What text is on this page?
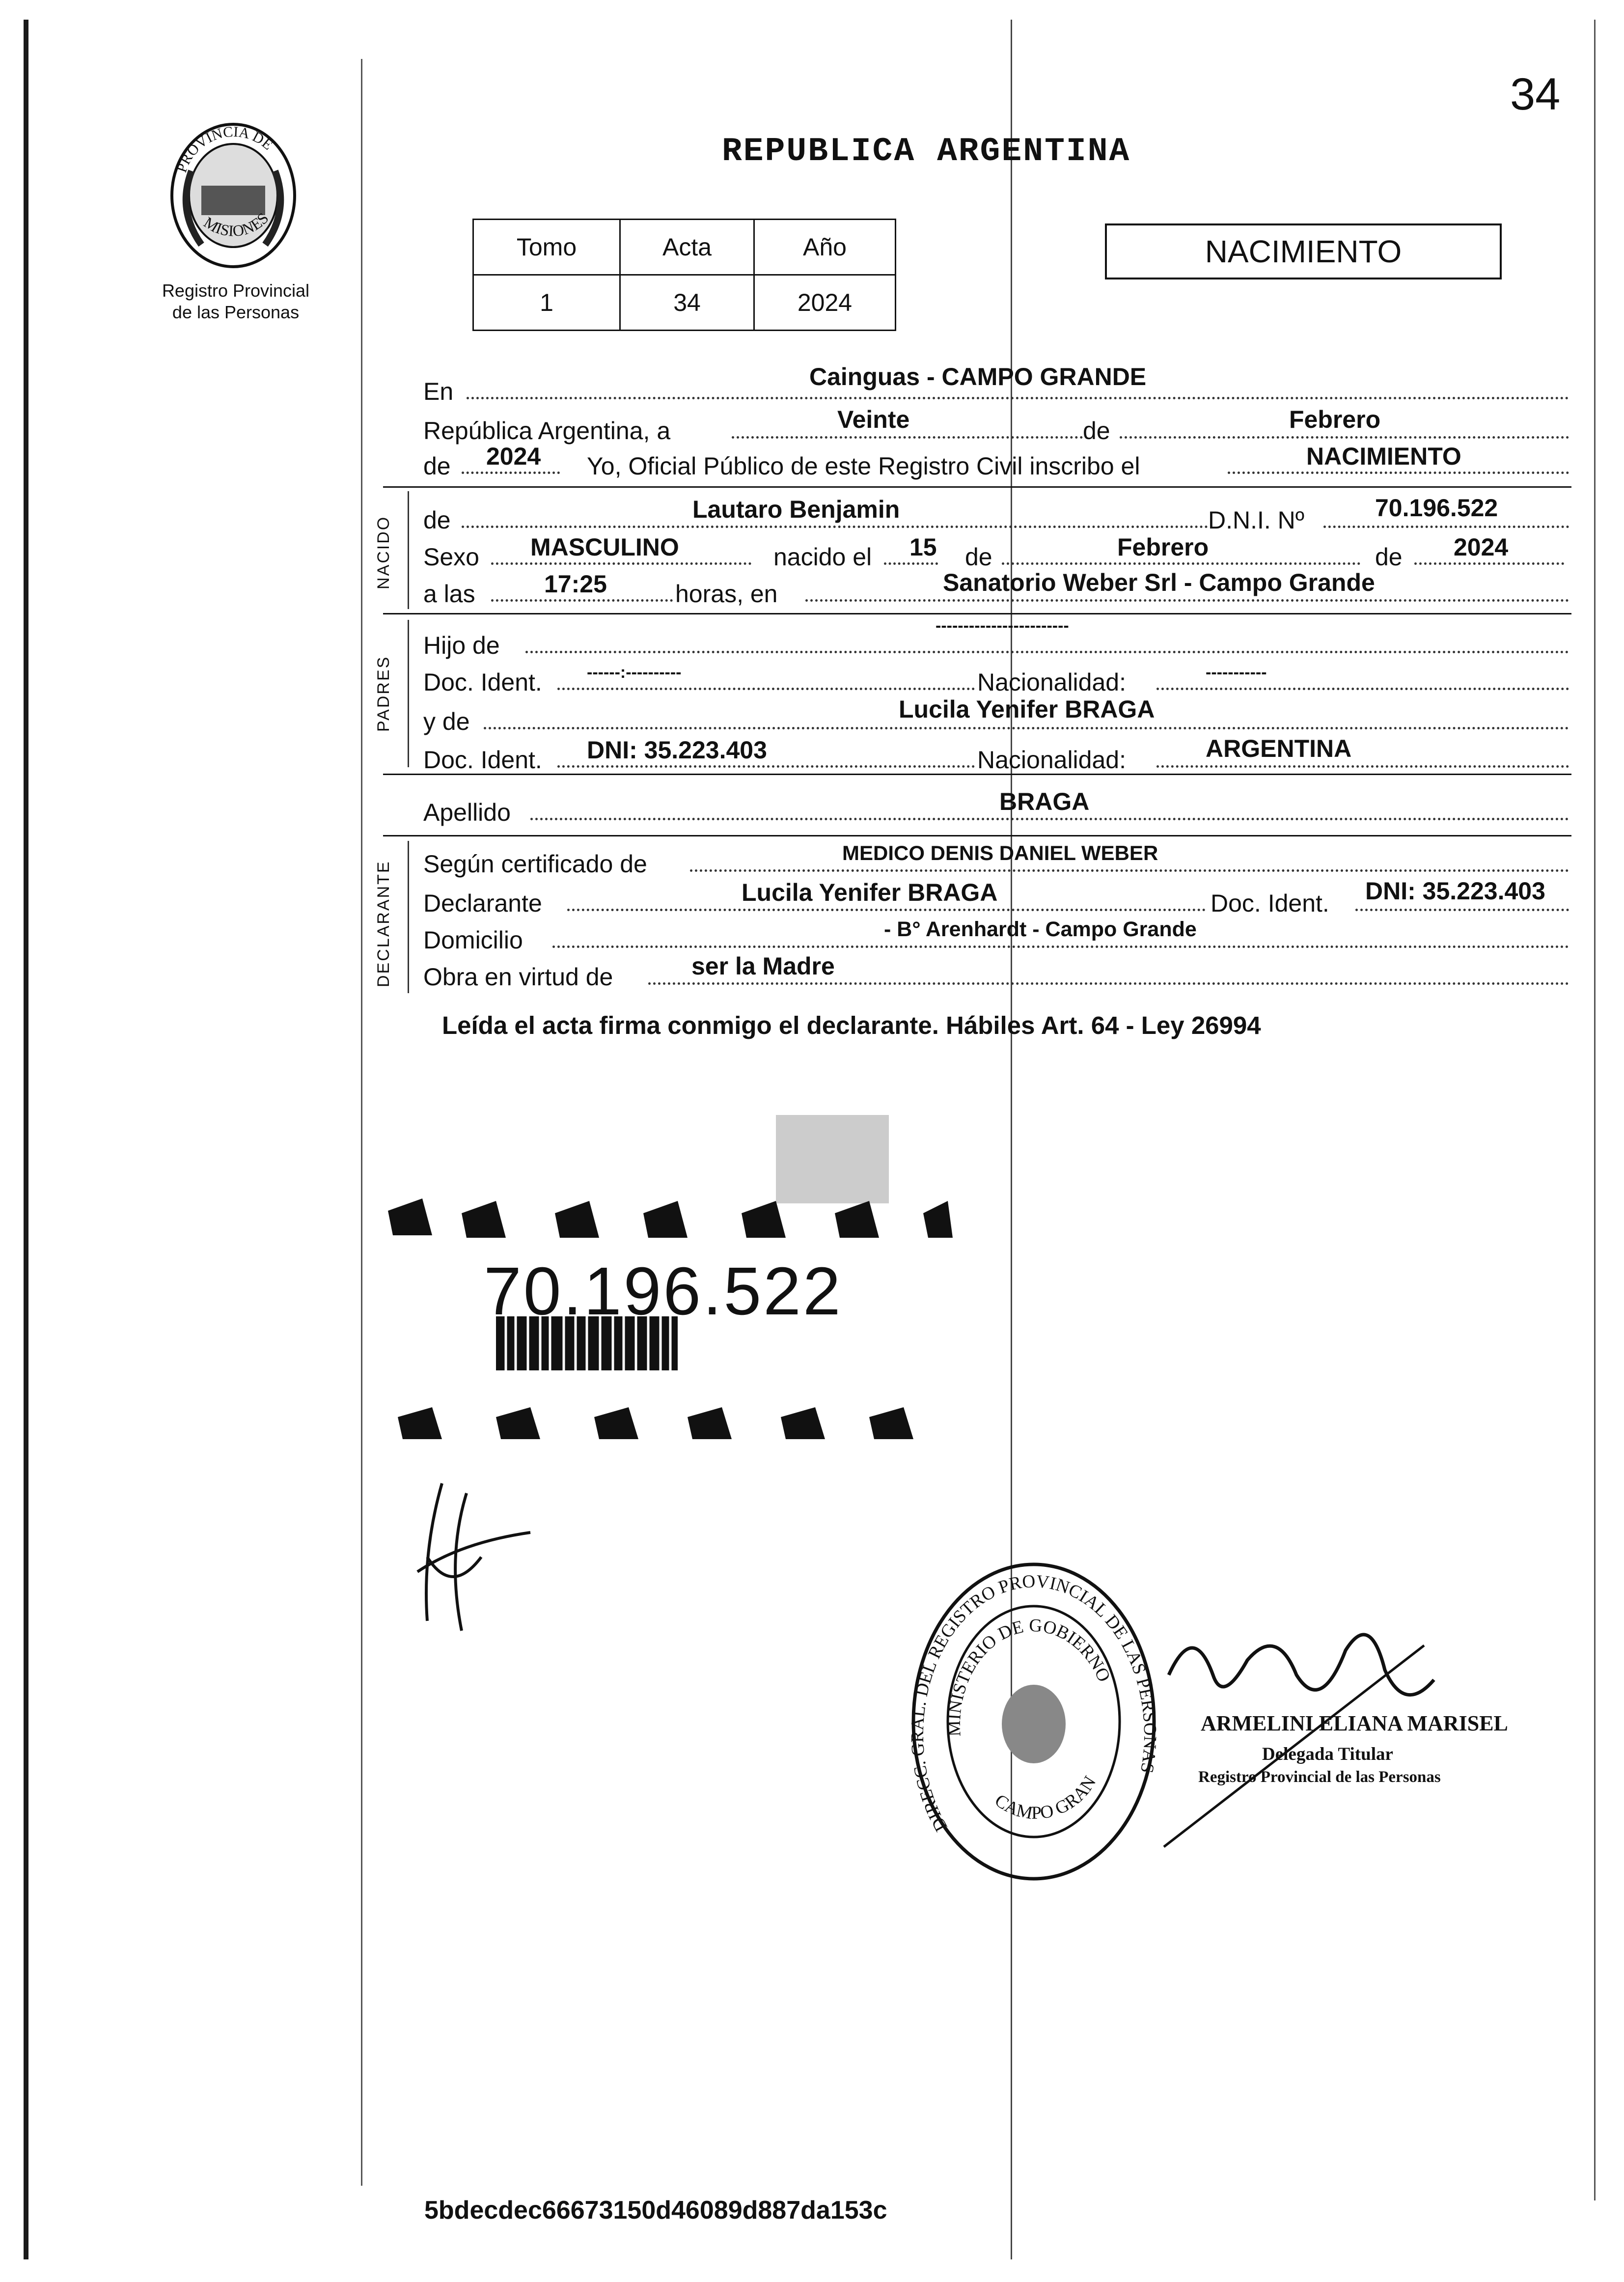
34
PROVINCIA DE
MISIONES
Registro Provincial
de las Personas
REPUBLICA ARGENTINA
Tomo	Acta	Año
1	34	2024
NACIMIENTO
En
Cainguas - CAMPO GRANDE
República Argentina, a	Veinte	de	Febrero
de 2024 Yo, Oficial Público de este Registro Civil inscribo el	NACIMIENTO
NACIDO de	Lautaro Benjamin	D.N.I. Nº	70.196.522
Sexo MASCULINO	nacido el 15 de	Febrero	de 2024
a las	17:25	horas, en	Sanatorio Weber Srl - Campo Grande
PADRES
Hijo de
------------------------
Doc. Ident.	------:----------	Nacionalidad:	-----------
y de	Lucila Yenifer BRAGA
Doc. Ident. DNI: 35.223.403	Nacionalidad:	ARGENTINA
Apellido	BRAGA
DECLARANTE Según certificado de	MEDICO DENIS DANIEL WEBER
Declarante	Lucila Yenifer BRAGA	Doc. Ident. DNI: 35.223.403
Domicilio	- B° Arenhardt - Campo Grande
Obra en virtud de	ser la Madre
Leída el acta firma conmigo el declarante. Hábiles Art. 64 - Ley 26994
70.196.522
DIRECC. GRAL. DEL REGISTRO PROVINCIAL DE LAS PERSONAS
MINISTERIO DE GOBIERNO
CAMPO GRAN
ARMELINI ELIANA MARISEL
Delegada Titular
Registro Provincial de las Personas
5bdecdec66673150d46089d887da153c
